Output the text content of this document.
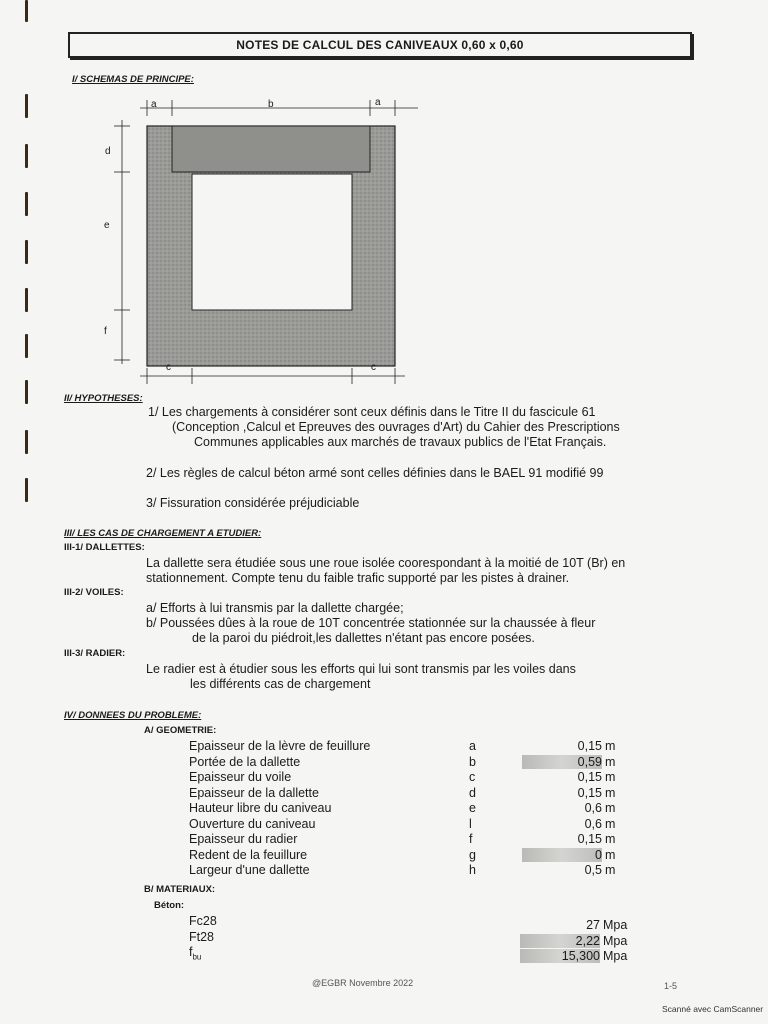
NOTES DE CALCUL DES CANIVEAUX 0,60 x 0,60
I/ SCHEMAS DE PRINCIPE:
a	b	a
d
e
f
c	c
II/ HYPOTHESES:
1/ Les chargements à considérer sont ceux définis dans le Titre II du fascicule 61
(Conception ,Calcul et Epreuves des ouvrages d'Art) du Cahier des Prescriptions
Communes applicables aux marchés de travaux publics de l'Etat Français.
2/ Les règles de calcul béton armé sont celles définies dans le BAEL 91 modifié 99
3/ Fissuration considérée préjudiciable
III/ LES CAS DE CHARGEMENT A ETUDIER:
III-1/ DALLETTES:
La dallette sera étudiée sous une roue isolée coorespondant à la moitié de 10T (Br) en
stationnement. Compte tenu du faible trafic supporté par les pistes à drainer.
III-2/ VOILES:
a/ Efforts à lui transmis par la dallette chargée;
b/ Poussées dûes à la roue de 10T concentrée stationnée sur la chaussée à fleur
de la paroi du piédroit,les dallettes n'étant pas encore posées.
III-3/ RADIER:
Le radier est à étudier sous les efforts qui lui sont transmis par les voiles dans
les différents cas de chargement
IV/ DONNEES DU PROBLEME:
A/ GEOMETRIE:
Epaisseur de la lèvre de feuillure	a	0,15 m
Portée de la dallette	b	0,59 m
Epaisseur du voile	c	0,15 m
Epaisseur de la dallette	d	0,15 m
Hauteur libre du caniveau	e	0,6 m
Ouverture du caniveau	l	0,6 m
Epaisseur du radier	f	0,15 m
Redent de la feuillure	g	0 m
Largeur d'une dallette	h	0,5 m
B/ MATERIAUX:
Béton:
Fc28	27 Mpa
Ft28	2,22 Mpa
$f_{bu}$	15,300 Mpa
@EGBR Novembre 2022	1-5
Scanné avec CamScanner
